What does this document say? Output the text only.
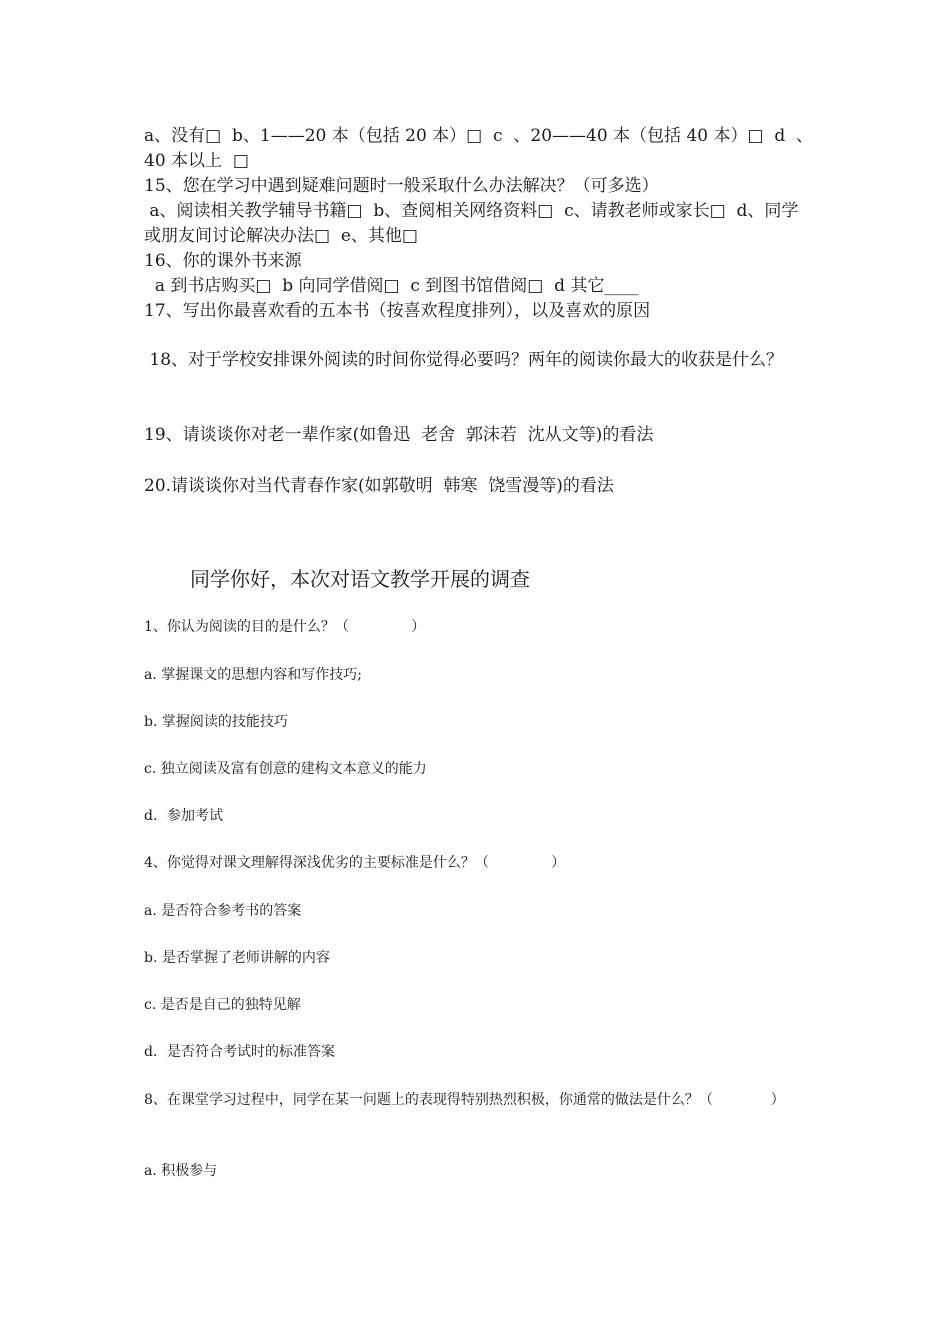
a、没有□  b、1——20 本（包括 20 本）□  c  、20——40 本（包括 40 本）□  d  、40 本以上  □

15、您在学习中遇到疑难问题时一般采取什么办法解决？（可多选）

a、阅读相关教学辅导书籍□  b、查阅相关网络资料□  c、请教老师或家长□  d、同学或朋友间讨论解决办法□  e、其他□

16、你的课外书来源

a 到书店购买□  b 向同学借阅□  c 到图书馆借阅□  d 其它____

17、写出你最喜欢看的五本书（按喜欢程度排列），以及喜欢的原因

18、对于学校安排课外阅读的时间你觉得必要吗？两年的阅读你最大的收获是什么？

19、请谈谈你对老一辈作家(如鲁迅  老舍  郭沫若  沈从文等)的看法

20.请谈谈你对当代青春作家(如郭敬明  韩寒  饶雪漫等)的看法

同学你好，本次对语文教学开展的调查

1、你认为阅读的目的是什么？（              ）

a. 掌握课文的思想内容和写作技巧;

b. 掌握阅读的技能技巧

c. 独立阅读及富有创意的建构文本意义的能力

d．参加考试

4、你觉得对课文理解得深浅优劣的主要标准是什么？（              ）

a. 是否符合参考书的答案

b. 是否掌握了老师讲解的内容

c. 是否是自己的独特见解

d．是否符合考试时的标准答案

8、在课堂学习过程中，同学在某一问题上的表现得特别热烈积极，你通常的做法是什么？（             ）

a. 积极参与
